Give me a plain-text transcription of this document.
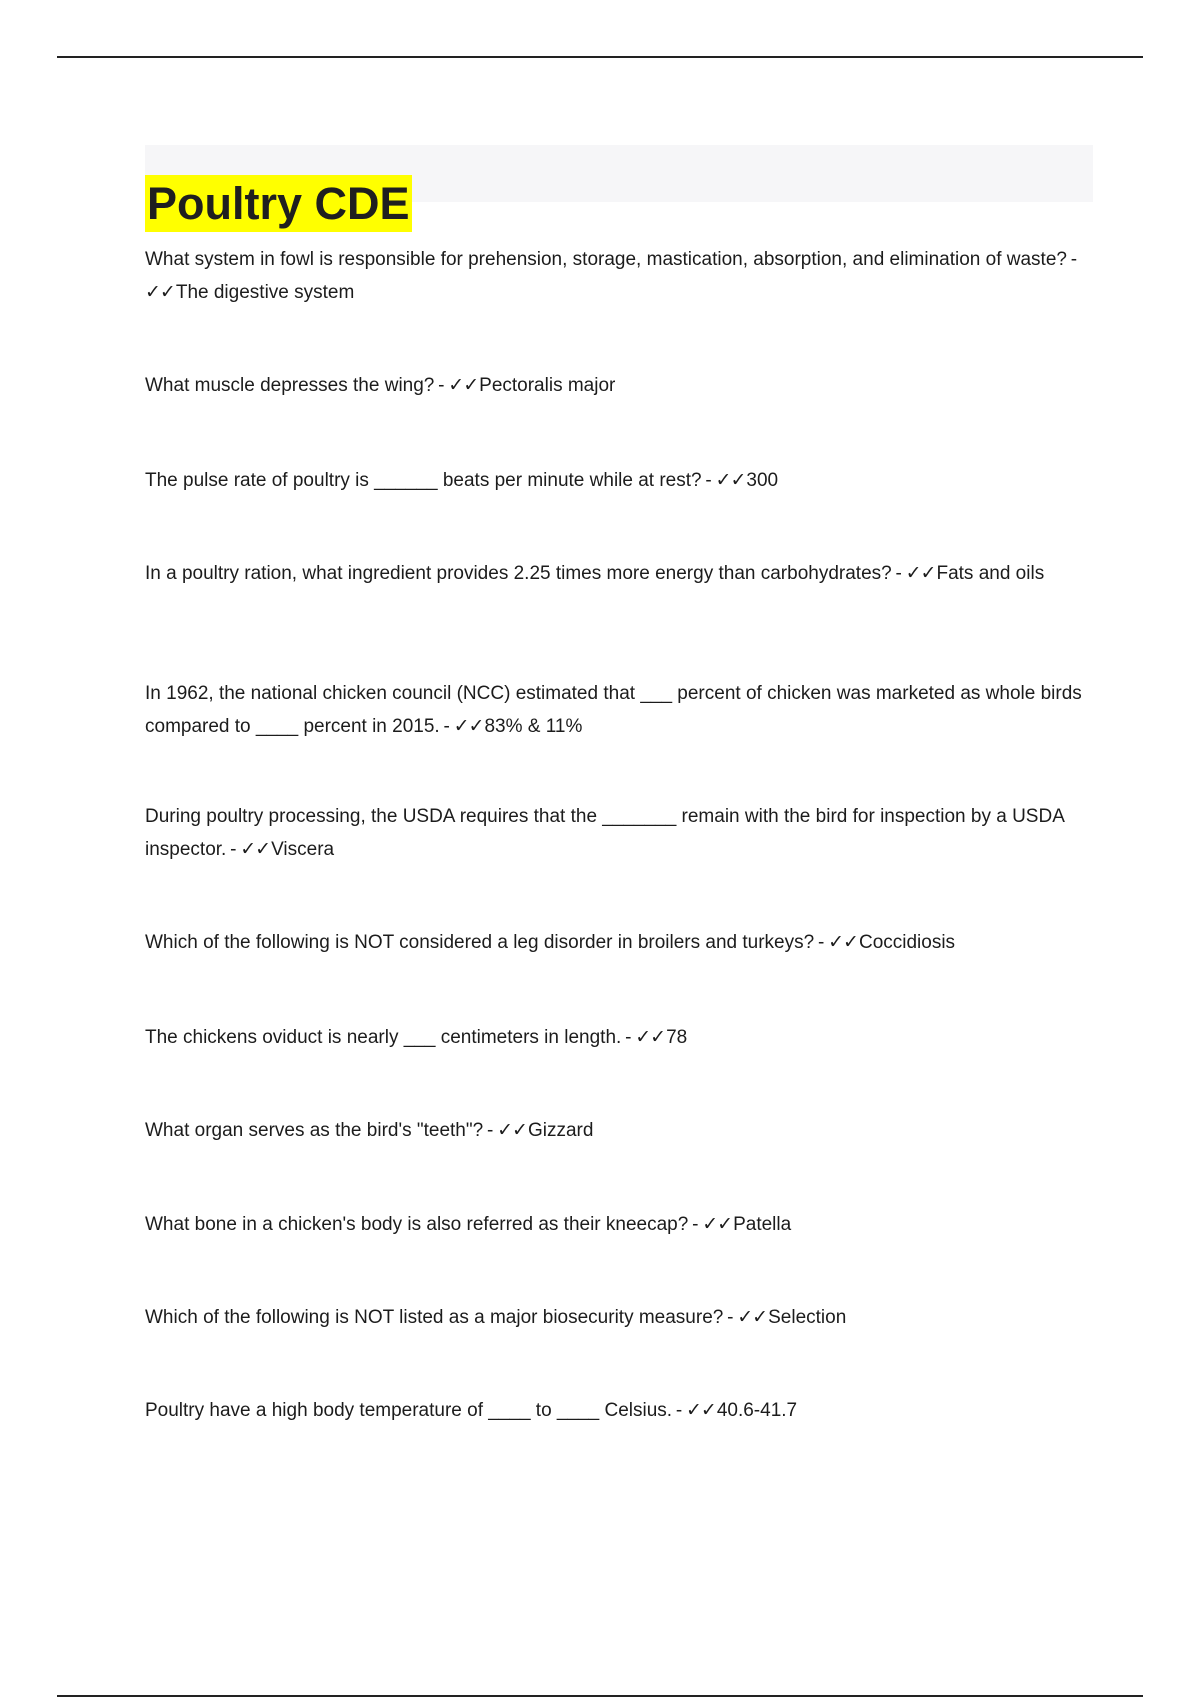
Poultry CDE

What system in fowl is responsible for prehension, storage, mastication, absorption, and elimination of waste? -✓✓The digestive system

What muscle depresses the wing? - ✓✓Pectoralis major

The pulse rate of poultry is ______ beats per minute while at rest? - ✓✓300

In a poultry ration, what ingredient provides 2.25 times more energy than carbohydrates? - ✓✓Fats and oils

In 1962, the national chicken council (NCC) estimated that ___ percent of chicken was marketed as whole birds compared to ____ percent in 2015. - ✓✓83% & 11%

During poultry processing, the USDA requires that the _______ remain with the bird for inspection by a USDA inspector. - ✓✓Viscera

Which of the following is NOT considered a leg disorder in broilers and turkeys? - ✓✓Coccidiosis

The chickens oviduct is nearly ___ centimeters in length. - ✓✓78

What organ serves as the bird's "teeth"? - ✓✓Gizzard

What bone in a chicken's body is also referred as their kneecap? - ✓✓Patella

Which of the following is NOT listed as a major biosecurity measure? - ✓✓Selection

Poultry have a high body temperature of ____ to ____ Celsius. - ✓✓40.6-41.7
